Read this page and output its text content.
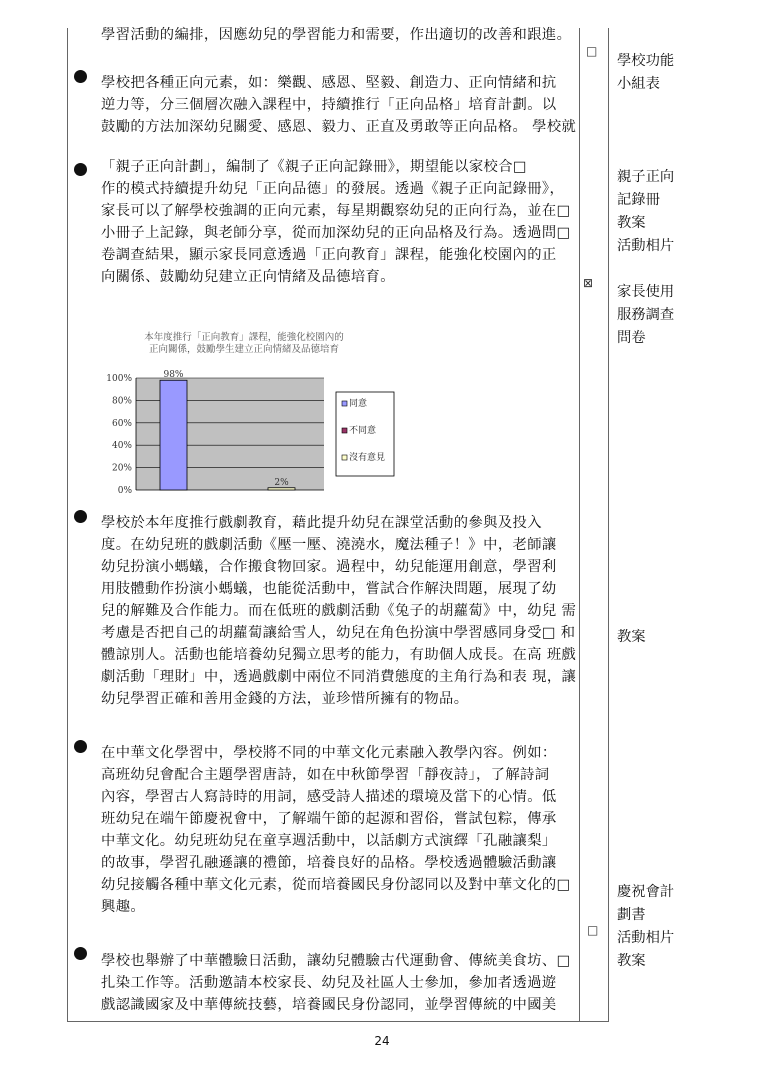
學習活動的編排，因應幼兒的學習能力和需要，作出適切的改善和跟進。
學校把各種正向元素，如：樂觀、感恩、堅毅、創造力、正向情緒和抗
逆力等，分三個層次融入課程中，持續推行「正向品格」培育計劃。以
鼓勵的方法加深幼兒關愛、感恩、毅力、正直及勇敢等正向品格。 學校就
「親子正向計劃」，編制了《親子正向記錄冊》，期望能以家校合□
作的模式持續提升幼兒「正向品德」的發展。透過《親子正向記錄冊》，
家長可以了解學校強調的正向元素，每星期觀察幼兒的正向行為，並在□
小冊子上記錄，與老師分享，從而加深幼兒的正向品格及行為。透過問□
卷調查結果，顯示家長同意透過「正向教育」課程，能強化校園內的正
向關係、鼓勵幼兒建立正向情緒及品德培育。
本年度推行「正向教育」課程，能強化校園內的
正向關係，鼓勵學生建立正向情緒及品德培育
0%
20%
40%
60%
80%
100%	98%
2%
同意
不同意
沒有意見
學校於本年度推行戲劇教育，藉此提升幼兒在課堂活動的參與及投入
度。在幼兒班的戲劇活動《壓一壓、澆澆水，魔法種子！》中，老師讓
幼兒扮演小螞蟻，合作搬食物回家。過程中，幼兒能運用創意，學習利
用肢體動作扮演小螞蟻，也能從活動中，嘗試合作解決問題，展現了幼
兒的解難及合作能力。而在低班的戲劇活動《兔子的胡蘿蔔》中，幼兒 需
考慮是否把自己的胡蘿蔔讓給雪人，幼兒在角色扮演中學習感同身受□ 和
體諒別人。活動也能培養幼兒獨立思考的能力，有助個人成長。在高 班戲
劇活動「理財」中，透過戲劇中兩位不同消費態度的主角行為和表 現，讓
幼兒學習正確和善用金錢的方法，並珍惜所擁有的物品。
在中華文化學習中，學校將不同的中華文化元素融入教學內容。例如：
高班幼兒會配合主題學習唐詩，如在中秋節學習「靜夜詩」，了解詩詞
內容，學習古人寫詩時的用詞，感受詩人描述的環境及當下的心情。低
班幼兒在端午節慶祝會中，了解端午節的起源和習俗，嘗試包粽，傳承
中華文化。幼兒班幼兒在童享週活動中，以話劇方式演繹「孔融讓梨」
的故事，學習孔融遜讓的禮節，培養良好的品格。學校透過體驗活動讓
幼兒接觸各種中華文化元素，從而培養國民身份認同以及對中華文化的□
興趣。
學校也舉辦了中華體驗日活動，讓幼兒體驗古代運動會、傳統美食坊、□
扎染工作等。活動邀請本校家長、幼兒及社區人士參加，參加者透過遊
戲認識國家及中華傳統技藝，培養國民身份認同，並學習傳統的中國美
□
學校功能
小組表
⊠
親子正向
記錄冊
教案
活動相片
家長使用
服務調查
問卷
教案
□
慶祝會計
劃書
活動相片
教案
24
